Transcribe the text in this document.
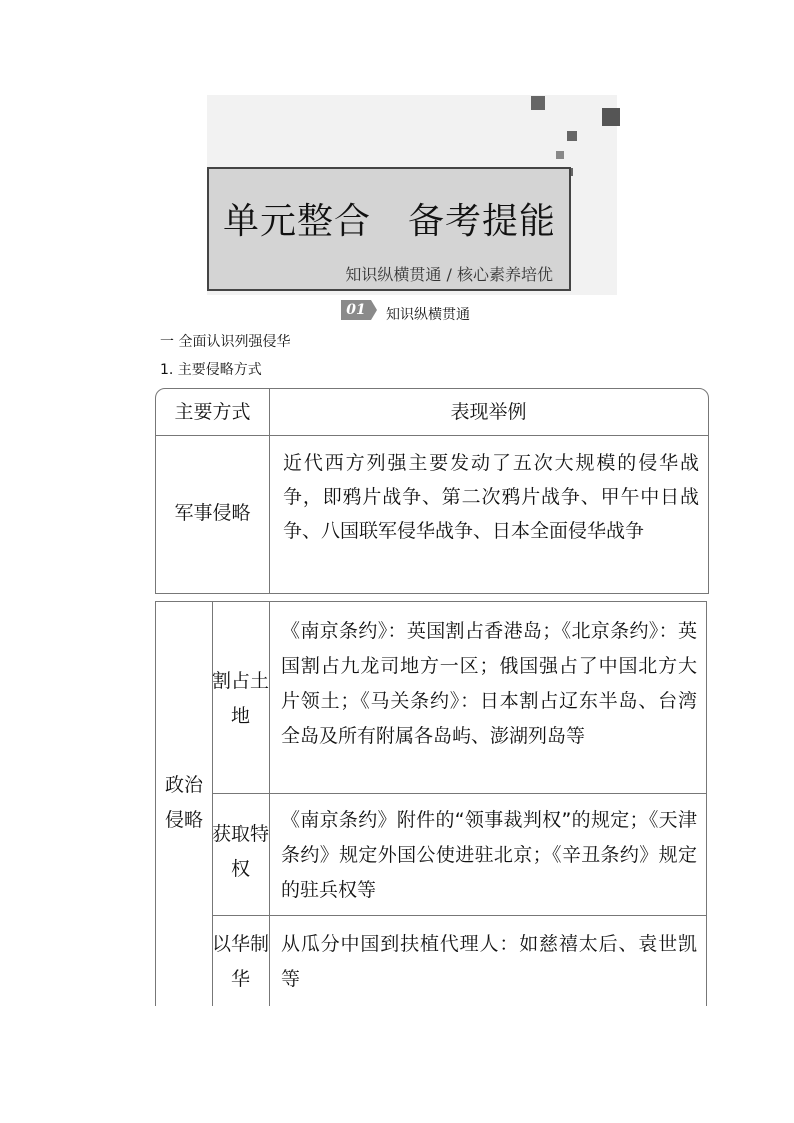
单元整合　备考提能
知识纵横贯通 / 核心素养培优
01	知识纵横贯通
一 全面认识列强侵华
1. 主要侵略方式
主要方式	表现举例
军事侵略
近代西方列强主要发动了五次大规模的侵华战争，即鸦片战争、第二次鸦片战争、甲午中日战争、八国联军侵华战争、日本全面侵华战争
政治侵略
割占土地
《南京条约》：英国割占香港岛；《北京条约》：英国割占九龙司地方一区；俄国强占了中国北方大片领土；《马关条约》：日本割占辽东半岛、台湾全岛及所有附属各岛屿、澎湖列岛等
获取特权
《南京条约》附件的“领事裁判权”的规定；《天津条约》规定外国公使进驻北京；《辛丑条约》规定的驻兵权等
以华制华
从瓜分中国到扶植代理人：如慈禧太后、袁世凯等
